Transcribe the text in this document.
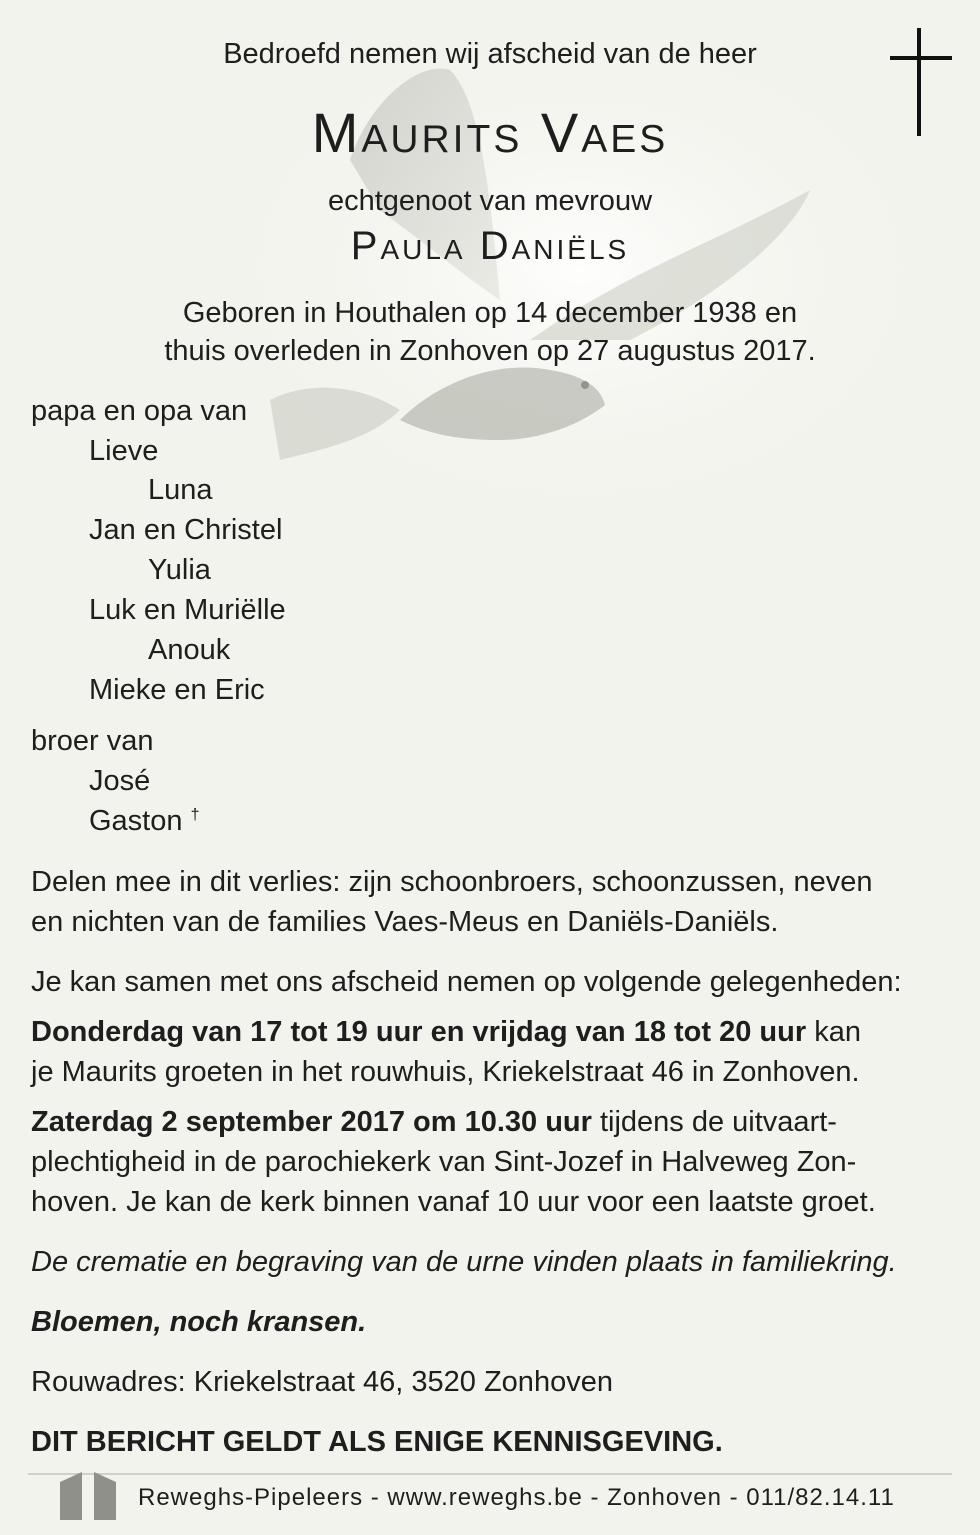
Bedroefd nemen wij afscheid van de heer
Maurits Vaes
echtgenoot van mevrouw
Paula Daniëls
Geboren in Houthalen op 14 december 1938 en
thuis overleden in Zonhoven op 27 augustus 2017.
papa en opa van
Lieve
Luna
Jan en Christel
Yulia
Luk en Muriëlle
Anouk
Mieke en Eric
broer van
José
Gaston †
Delen mee in dit verlies: zijn schoonbroers, schoonzussen, neven
en nichten van de families Vaes-Meus en Daniëls-Daniëls.
Je kan samen met ons afscheid nemen op volgende gelegenheden:
Donderdag van 17 tot 19 uur en vrijdag van 18 tot 20 uur kan
je Maurits groeten in het rouwhuis, Kriekelstraat 46 in Zonhoven.
Zaterdag 2 september 2017 om 10.30 uur tijdens de uitvaart-
plechtigheid in de parochiekerk van Sint-Jozef in Halveweg Zon-
hoven. Je kan de kerk binnen vanaf 10 uur voor een laatste groet.
De crematie en begraving van de urne vinden plaats in familiekring.
Bloemen, noch kransen.
Rouwadres: Kriekelstraat 46, 3520 Zonhoven
DIT BERICHT GELDT ALS ENIGE KENNISGEVING.
Reweghs-Pipeleers - www.reweghs.be - Zonhoven - 011/82.14.11
